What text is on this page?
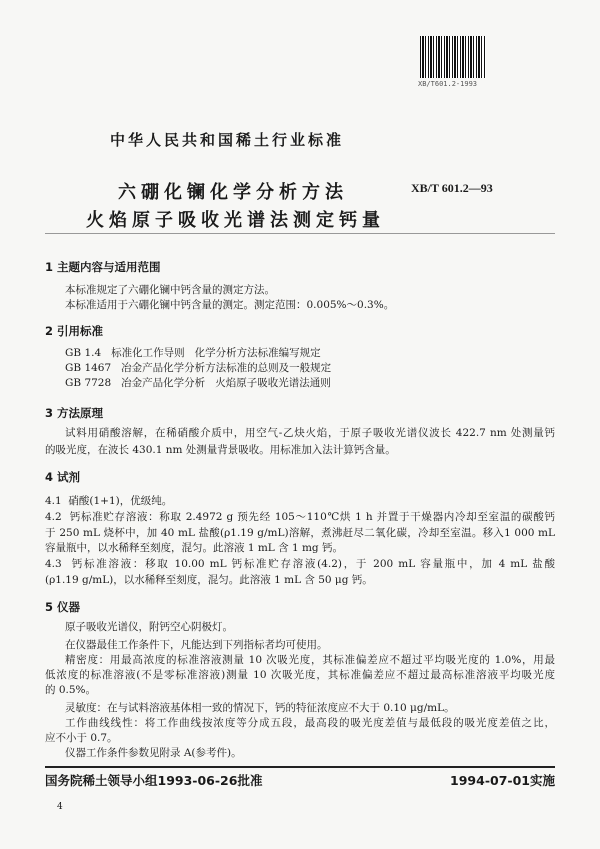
XB/T601.2-1993
中华人民共和国稀土行业标准
六硼化镧化学分析方法
火焰原子吸收光谱法测定钙量
XB/T 601.2—93
1 主题内容与适用范围
本标准规定了六硼化镧中钙含量的测定方法。
本标准适用于六硼化镧中钙含量的测定。测定范围：0.005%～0.3%。
2 引用标准
GB 1.4   标准化工作导则   化学分析方法标准编写规定
GB 1467   冶金产品化学分析方法标准的总则及一般规定
GB 7728   冶金产品化学分析   火焰原子吸收光谱法通则
3 方法原理
试料用硝酸溶解，在稀硝酸介质中，用空气-乙炔火焰，于原子吸收光谱仪波长 422.7 nm 处测量钙
的吸光度，在波长 430.1 nm 处测量背景吸收。用标准加入法计算钙含量。
4 试剂
4.1  硝酸(1+1)，优级纯。
4.2  钙标准贮存溶液：称取 2.4972 g 预先经 105～110℃烘 1 h 并置于干燥器内冷却至室温的碳酸钙
于 250 mL 烧杯中，加 40 mL 盐酸(ρ1.19 g/mL)溶解，煮沸赶尽二氧化碳，冷却至室温。移入1 000 mL
容量瓶中，以水稀释至刻度，混匀。此溶液 1 mL 含 1 mg 钙。
4.3  钙标准溶液：移取 10.00 mL 钙标准贮存溶液(4.2)，于 200 mL 容量瓶中，加 4 mL 盐酸
(ρ1.19 g/mL)，以水稀释至刻度，混匀。此溶液 1 mL 含 50 μg 钙。
5 仪器
原子吸收光谱仪，附钙空心阴极灯。
在仪器最佳工作条件下，凡能达到下列指标者均可使用。
精密度：用最高浓度的标准溶液测量 10 次吸光度，其标准偏差应不超过平均吸光度的 1.0%，用最
低浓度的标准溶液(不是零标准溶液)测量 10 次吸光度，其标准偏差应不超过最高标准溶液平均吸光度
的 0.5%。
灵敏度：在与试料溶液基体相一致的情况下，钙的特征浓度应不大于 0.10 μg/mL。
工作曲线线性：将工作曲线按浓度等分成五段，最高段的吸光度差值与最低段的吸光度差值之比，
应不小于 0.7。
仪器工作条件参数见附录 A(参考件)。
国务院稀土领导小组1993-06-26批准	1994-07-01实施
4
